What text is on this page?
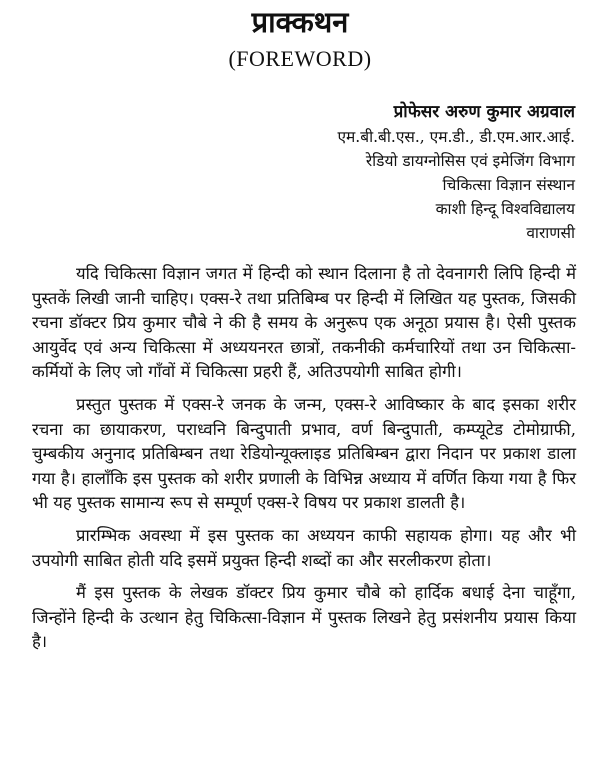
प्राक्कथन
(FOREWORD)
प्रोफेसर अरुण कुमार अग्रवाल
एम.बी.बी.एस., एम.डी., डी.एम.आर.आई.
रेडियो डायग्नोसिस एवं इमेजिंग विभाग
चिकित्सा विज्ञान संस्थान
काशी हिन्दू विश्वविद्यालय
वाराणसी

यदि चिकित्सा विज्ञान जगत में हिन्दी को स्थान दिलाना है तो देवनागरी लिपि हिन्दी में पुस्तकें लिखी जानी चाहिए। एक्स-रे तथा प्रतिबिम्ब पर हिन्दी में लिखित यह पुस्तक, जिसकी रचना डॉक्टर प्रिय कुमार चौबे ने की है समय के अनुरूप एक अनूठा प्रयास है। ऐसी पुस्तक आयुर्वेद एवं अन्य चिकित्सा में अध्ययनरत छात्रों, तकनीकी कर्मचारियों तथा उन चिकित्सा-कर्मियों के लिए जो गाँवों में चिकित्सा प्रहरी हैं, अतिउपयोगी साबित होगी।

प्रस्तुत पुस्तक में एक्स-रे जनक के जन्म, एक्स-रे आविष्कार के बाद इसका शरीर रचना का छायाकरण, पराध्वनि बिन्दुपाती प्रभाव, वर्ण बिन्दुपाती, कम्प्यूटेड टोमोग्राफी, चुम्बकीय अनुनाद प्रतिबिम्बन तथा रेडियोन्यूक्लाइड प्रतिबिम्बन द्वारा निदान पर प्रकाश डाला गया है। हालाँकि इस पुस्तक को शरीर प्रणाली के विभिन्न अध्याय में वर्णित किया गया है फिर भी यह पुस्तक सामान्य रूप से सम्पूर्ण एक्स-रे विषय पर प्रकाश डालती है।

प्रारम्भिक अवस्था में इस पुस्तक का अध्ययन काफी सहायक होगा। यह और भी उपयोगी साबित होती यदि इसमें प्रयुक्त हिन्दी शब्दों का और सरलीकरण होता।

मैं इस पुस्तक के लेखक डॉक्टर प्रिय कुमार चौबे को हार्दिक बधाई देना चाहूँगा, जिन्होंने हिन्दी के उत्थान हेतु चिकित्सा-विज्ञान में पुस्तक लिखने हेतु प्रसंशनीय प्रयास किया है।
